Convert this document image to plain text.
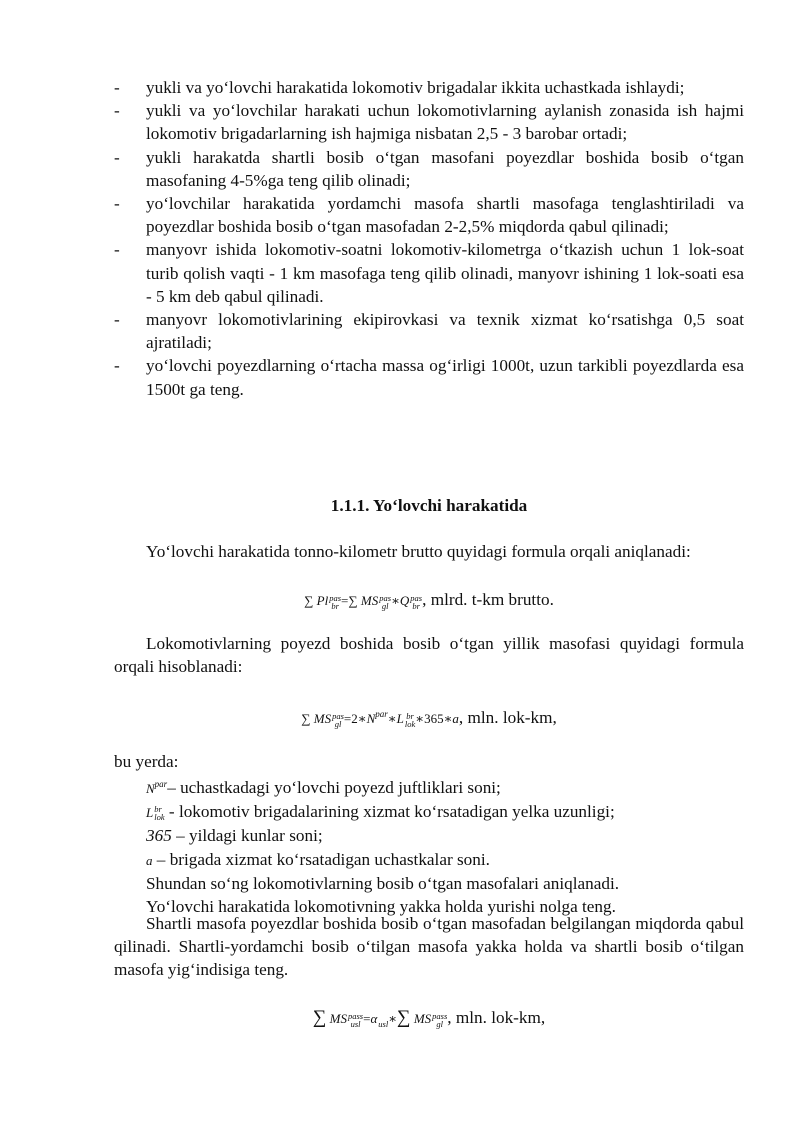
- yukli va yo‘lovchi harakatida lokomotiv brigadalar ikkita uchastkada ishlaydi;
- yukli va yo‘lovchilar harakati uchun lokomotivlarning aylanish zonasida ish hajmi lokomotiv brigadarlarning ish hajmiga nisbatan 2,5 - 3 barobar ortadi;
- yukli harakatda shartli bosib o‘tgan masofani poyezdlar boshida bosib o‘tgan masofaning 4-5%ga teng qilib olinadi;
- yo‘lovchilar harakatida yordamchi masofa shartli masofaga tenglashtiriladi va poyezdlar boshida bosib o‘tgan masofadan 2-2,5% miqdorda qabul qilinadi;
- manyovr ishida lokomotiv-soatni lokomotiv-kilometrga o‘tkazish uchun 1 lok-soat turib qolish vaqti - 1 km masofaga teng qilib olinadi, manyovr ishining 1 lok-soati esa - 5 km deb qabul qilinadi.
- manyovr lokomotivlarining ekipirovkasi va texnik xizmat ko‘rsatishga 0,5 soat ajratiladi;
- yo‘lovchi poyezdlarning o‘rtacha massa og‘irligi 1000t, uzun tarkibli poyezdlarda esa 1500t ga teng.
1.1.1. Yo‘lovchi harakatida
Yo‘lovchi harakatida tonno-kilometr brutto quyidagi formula orqali aniqlanadi:
∑ Pl pas
br =∑ MS pas
gl ∗Q pas
br , mlrd. t-km brutto.
Lokomotivlarning poyezd boshida bosib o‘tgan yillik masofasi quyidagi formula orqali hisoblanadi:
∑ MS pas
gl $=2∗N^{par}∗L$ br
lok ∗365∗a, mln. lok-km,
bu yerda:
$N^{par}-$ uchastkadagi yo‘lovchi poyezd juftliklari soni;
L br
lok - lokomotiv brigadalarining xizmat ko‘rsatadigan yelka uzunligi;
365 – yildagi kunlar soni;
a – brigada xizmat ko‘rsatadigan uchastkalar soni.
Shundan so‘ng lokomotivlarning bosib o‘tgan masofalari aniqlanadi.
Yo‘lovchi harakatida lokomotivning yakka holda yurishi nolga teng.
Shartli masofa poyezdlar boshida bosib o‘tgan masofadan belgilangan miqdorda qabul qilinadi. Shartli-yordamchi bosib o‘tilgan masofa yakka holda va shartli bosib o‘tilgan masofa yig‘indisiga teng.
∑ MS pass
usl =α
usl ∗∑ MS pass
gl , mln. lok-km,
